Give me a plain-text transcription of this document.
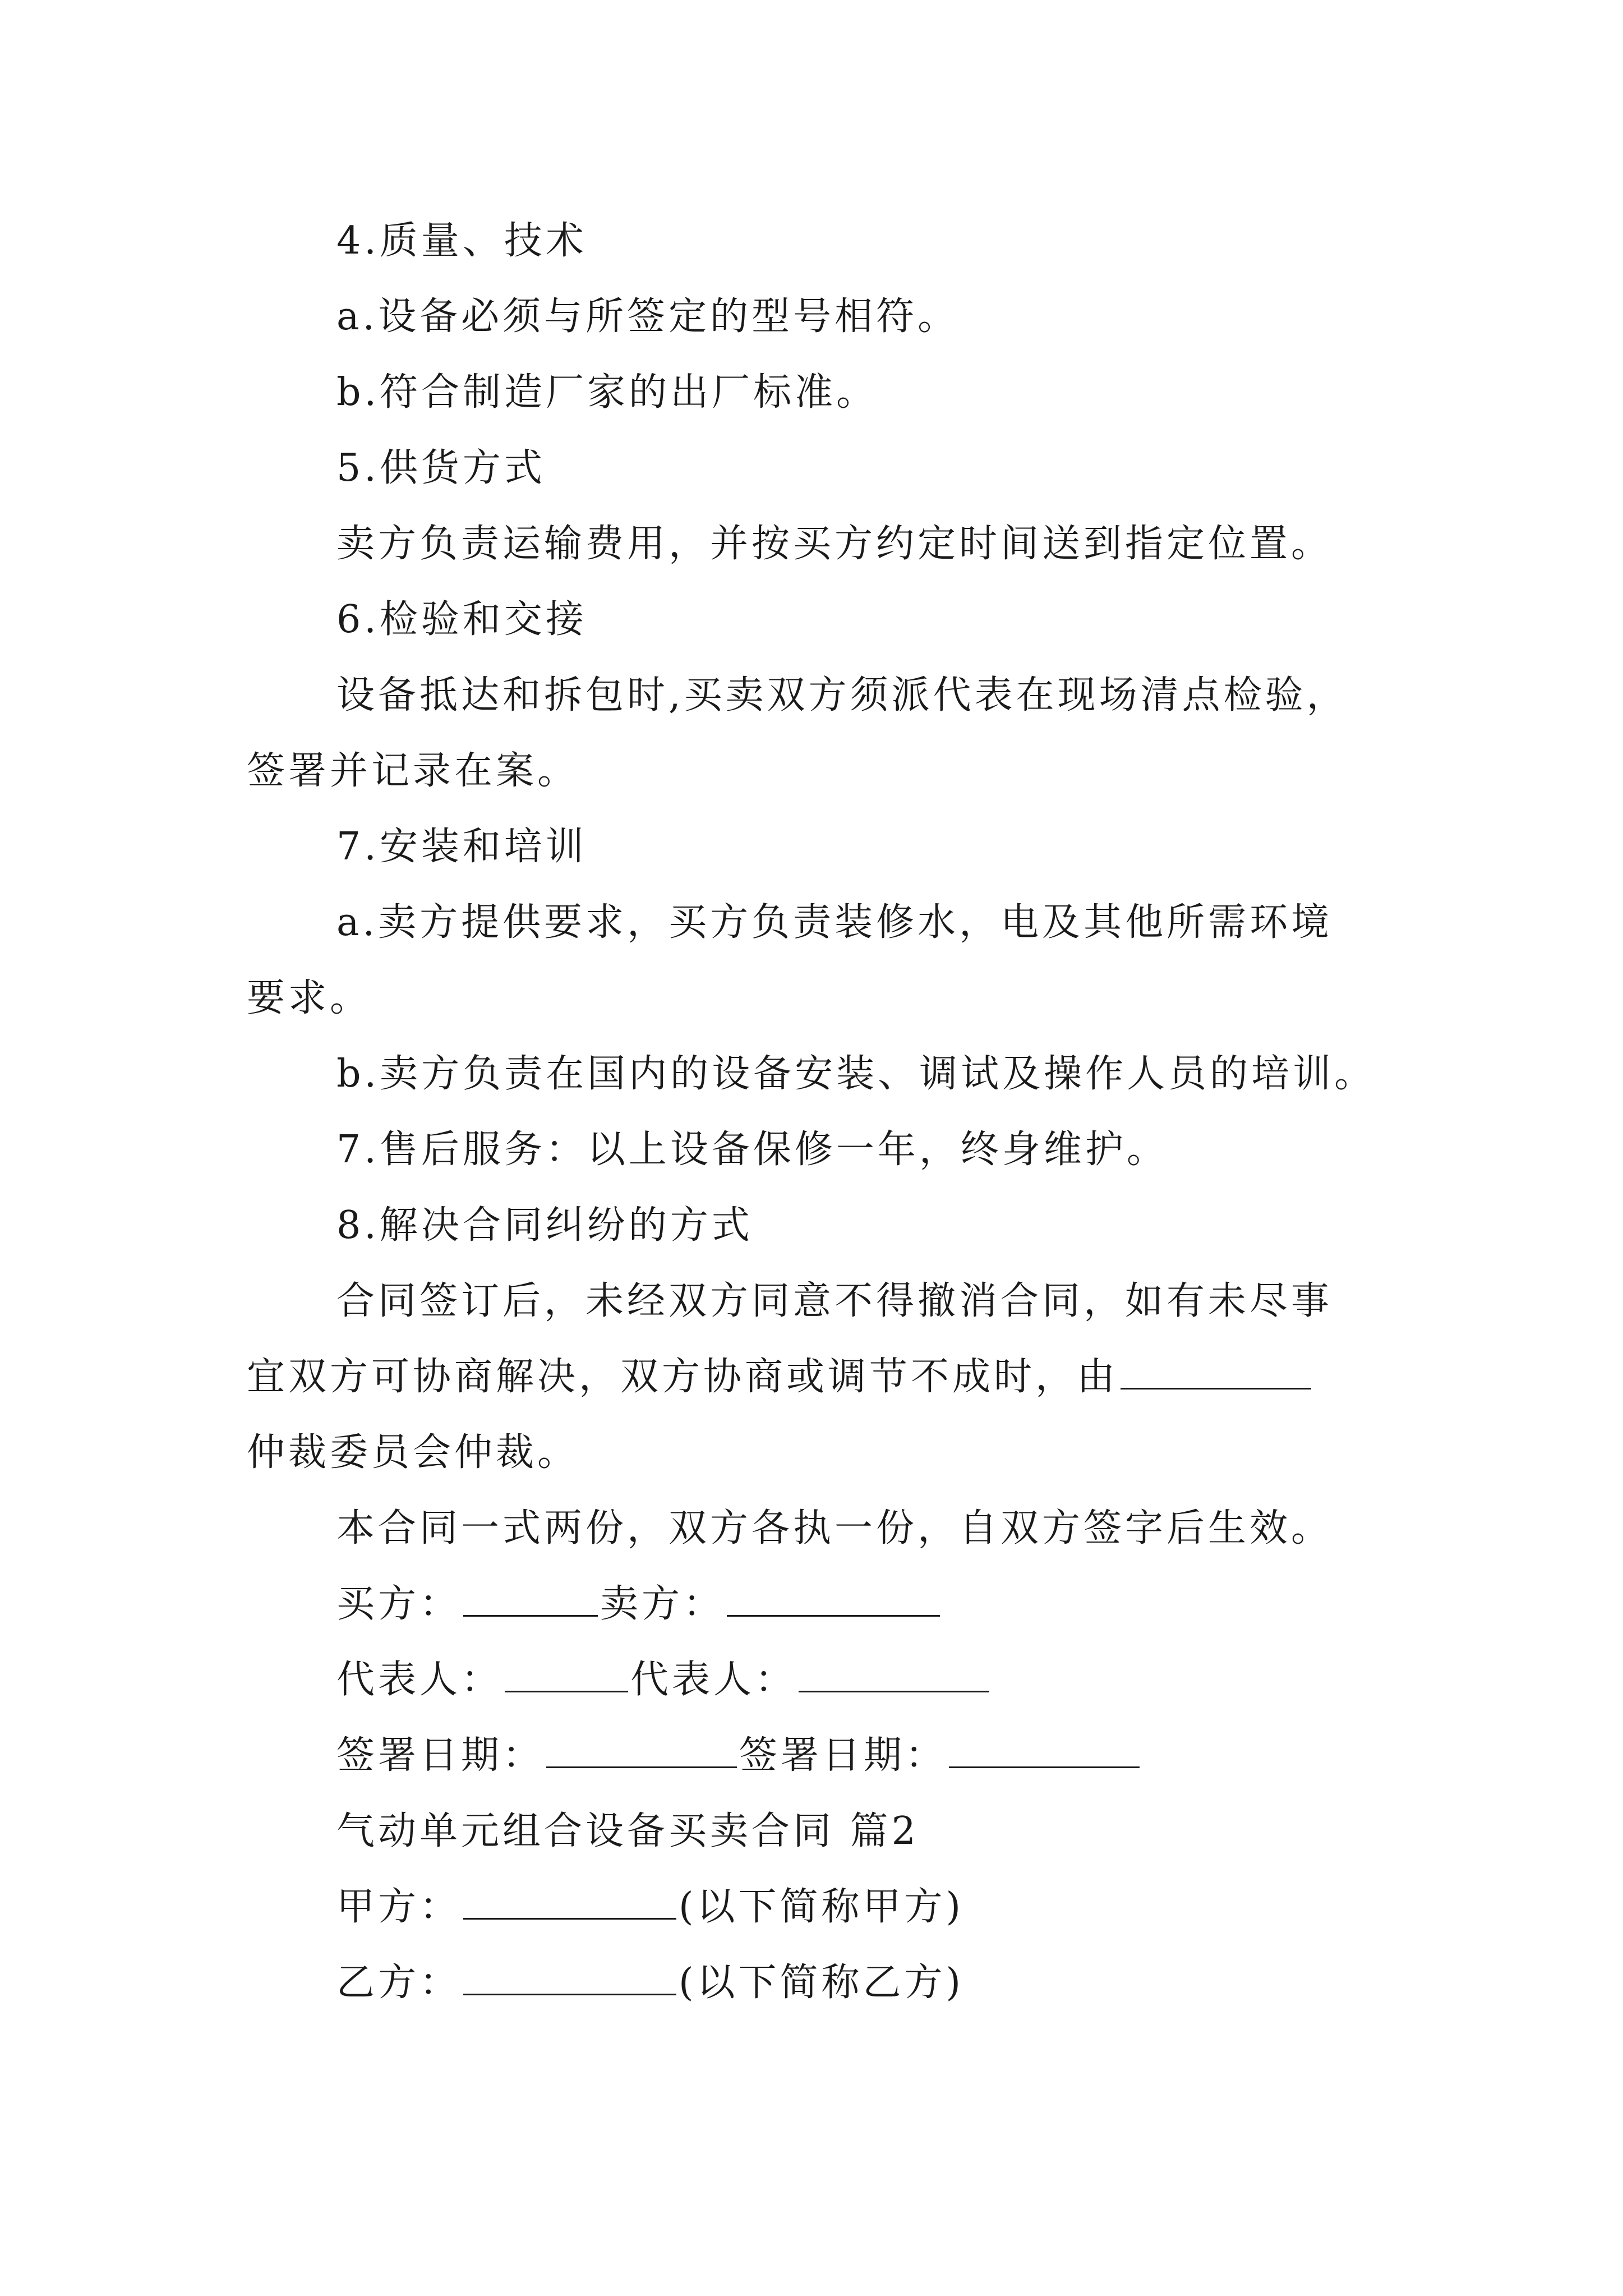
4.质量、技术
a.设备必须与所签定的型号相符。
b.符合制造厂家的出厂标准。
5.供货方式
卖方负责运输费用，并按买方约定时间送到指定位置。
6.检验和交接
设备抵达和拆包时,买卖双方须派代表在现场清点检验，
签署并记录在案。
7.安装和培训
a.卖方提供要求，买方负责装修水，电及其他所需环境
要求。
b.卖方负责在国内的设备安装、调试及操作人员的培训。
7.售后服务：以上设备保修一年，终身维护。
8.解决合同纠纷的方式
合同签订后，未经双方同意不得撤消合同，如有未尽事
宜双方可协商解决，双方协商或调节不成时，由
仲裁委员会仲裁。
本合同一式两份，双方各执一份，自双方签字后生效。
买方：	卖方：
代表人：	代表人：
签署日期：	签署日期：
气动单元组合设备买卖合同 篇2
甲方：	(以下简称甲方)
乙方：	(以下简称乙方)
